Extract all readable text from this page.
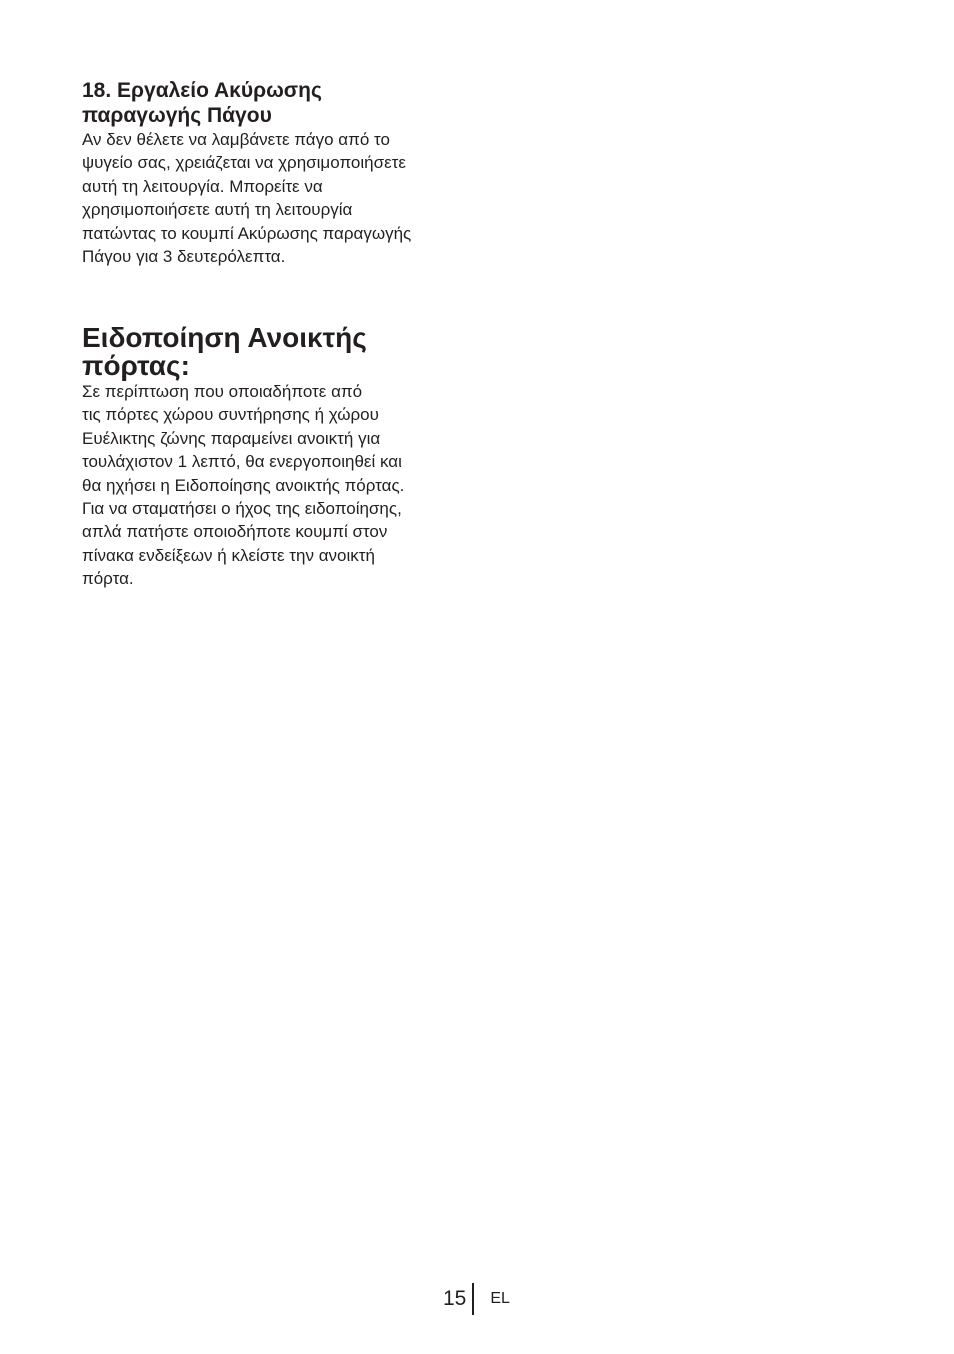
18. Εργαλείο Ακύρωσης
παραγωγής Πάγου
Αν δεν θέλετε να λαμβάνετε πάγο από το
ψυγείο σας, χρειάζεται να χρησιμοποιήσετε
αυτή τη λειτουργία. Μπορείτε να
χρησιμοποιήσετε αυτή τη λειτουργία
πατώντας το κουμπί Ακύρωσης παραγωγής
Πάγου για 3 δευτερόλεπτα.
Ειδοποίηση Ανοικτής
πόρτας:
Σε περίπτωση που οποιαδήποτε από
τις πόρτες χώρου συντήρησης ή χώρου
Ευέλικτης ζώνης παραμείνει ανοικτή για
τουλάχιστον 1 λεπτό, θα ενεργοποιηθεί και
θα ηχήσει η Ειδοποίησης ανοικτής πόρτας.
Για να σταματήσει ο ήχος της ειδοποίησης,
απλά πατήστε οποιοδήποτε κουμπί στον
πίνακα ενδείξεων ή κλείστε την ανοικτή
πόρτα.
15 EL
